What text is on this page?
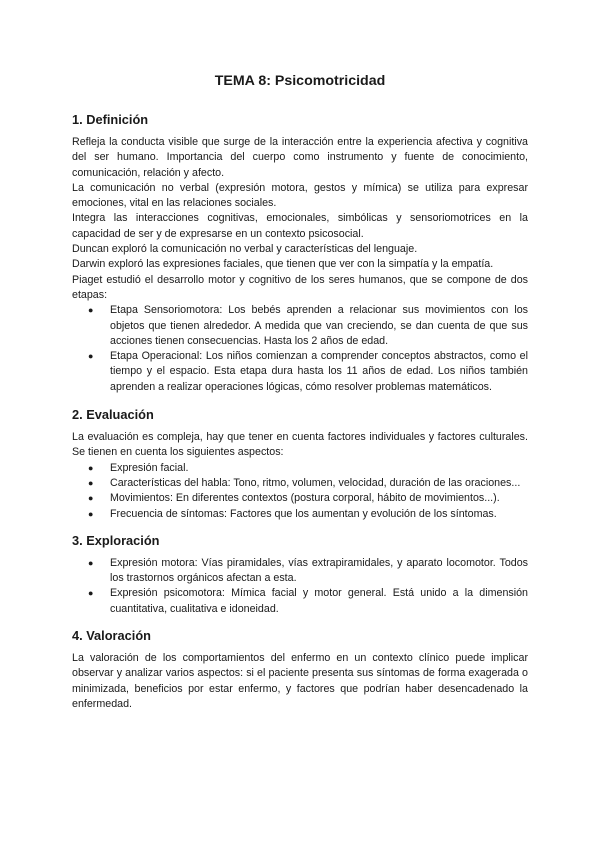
TEMA 8: Psicomotricidad
1. Definición

Refleja la conducta visible que surge de la interacción entre la experiencia afectiva y cognitiva del ser humano. Importancia del cuerpo como instrumento y fuente de conocimiento, comunicación, relación y afecto.

La comunicación no verbal (expresión motora, gestos y mímica) se utiliza para expresar emociones, vital en las relaciones sociales.

Integra las interacciones cognitivas, emocionales, simbólicas y sensoriomotrices en la capacidad de ser y de expresarse en un contexto psicosocial.

Duncan exploró la comunicación no verbal y características del lenguaje.

Darwin exploró las expresiones faciales, que tienen que ver con la simpatía y la empatía.

Piaget estudió el desarrollo motor y cognitivo de los seres humanos, que se compone de dos etapas:

● Etapa Sensoriomotora: Los bebés aprenden a relacionar sus movimientos con los objetos que tienen alrededor. A medida que van creciendo, se dan cuenta de que sus acciones tienen consecuencias. Hasta los 2 años de edad.
● Etapa Operacional: Los niños comienzan a comprender conceptos abstractos, como el tiempo y el espacio. Esta etapa dura hasta los 11 años de edad. Los niños también aprenden a realizar operaciones lógicas, cómo resolver problemas matemáticos.
2. Evaluación

La evaluación es compleja, hay que tener en cuenta factores individuales y factores culturales. Se tienen en cuenta los siguientes aspectos:

● Expresión facial.
● Características del habla: Tono, ritmo, volumen, velocidad, duración de las oraciones...
● Movimientos: En diferentes contextos (postura corporal, hábito de movimientos...).
● Frecuencia de síntomas: Factores que los aumentan y evolución de los síntomas.
3. Exploración
● Expresión motora: Vías piramidales, vías extrapiramidales, y aparato locomotor. Todos los trastornos orgánicos afectan a esta.
● Expresión psicomotora: Mímica facial y motor general. Está unido a la dimensión cuantitativa, cualitativa e idoneidad.
4. Valoración

La valoración de los comportamientos del enfermo en un contexto clínico puede implicar observar y analizar varios aspectos: si el paciente presenta sus síntomas de forma exagerada o minimizada, beneficios por estar enfermo, y factores que podrían haber desencadenado la enfermedad.
